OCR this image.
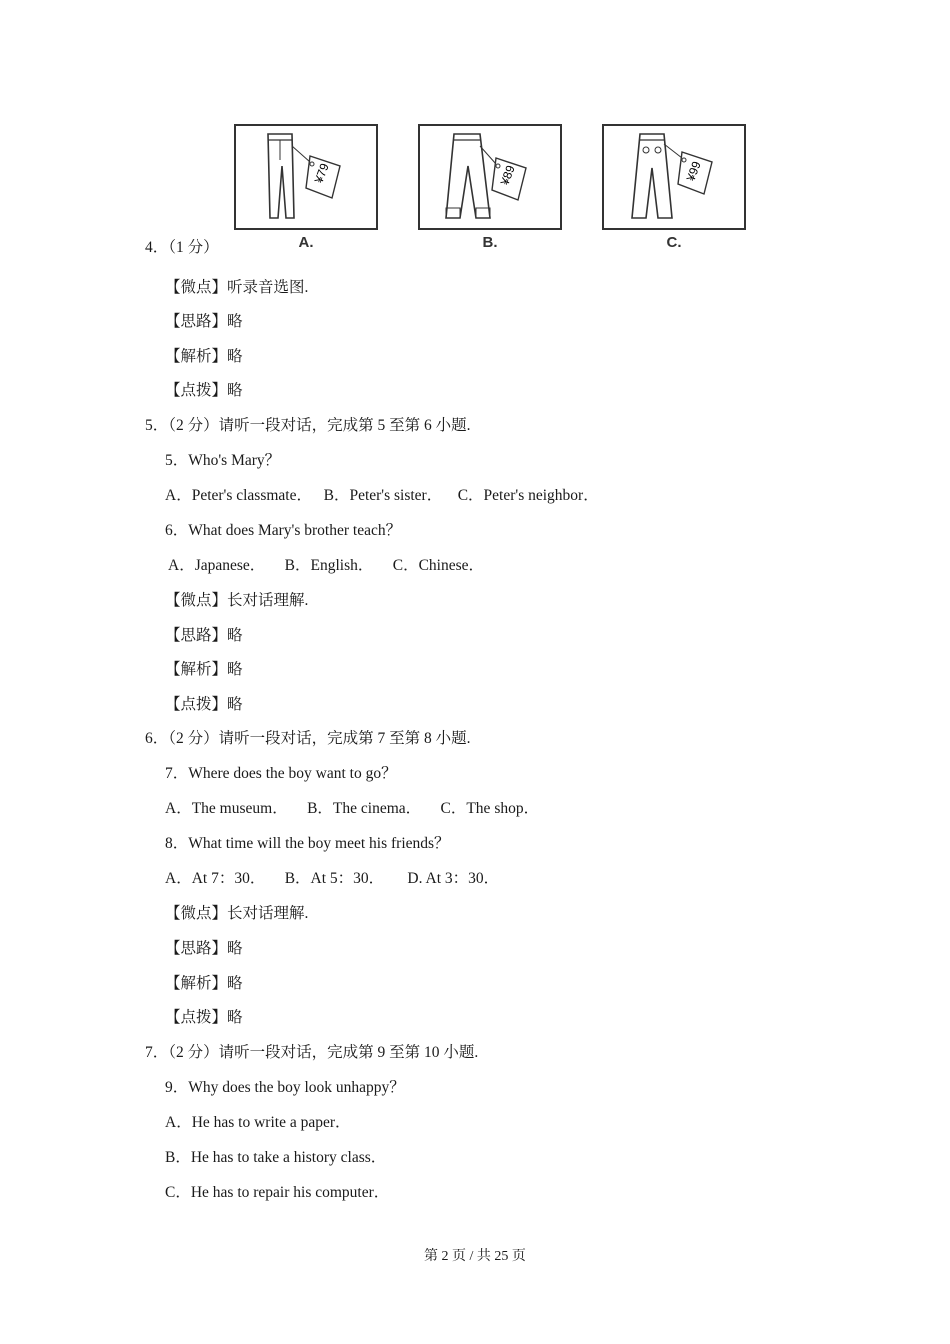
¥79
A.
¥89
B.
¥99
C.
4．（1 分）
【微点】听录音选图.
【思路】略
【解析】略
【点拨】略
5．（2 分）请听一段对话，完成第 5 至第 6 小题.
5．Who's Mary？
A．Peter's classmate．   B．Peter's sister．    C．Peter's neighbor．
6．What does Mary's brother teach？
A．Japanese．     B．English．     C．Chinese．
【微点】长对话理解.
【思路】略
【解析】略
【点拨】略
6．（2 分）请听一段对话，完成第 7 至第 8 小题.
7．Where does the boy want to go？
A．The museum．     B．The cinema．     C．The shop．
8．What time will the boy meet his friends？
A．At 7：30．     B．At 5：30．      D. At 3：30．
【微点】长对话理解.
【思路】略
【解析】略
【点拨】略
7．（2 分）请听一段对话，完成第 9 至第 10 小题.
9．Why does the boy look unhappy？
A．He has to write a paper．
B．He has to take a history class．
C．He has to repair his computer．
第 2 页 / 共 25 页
